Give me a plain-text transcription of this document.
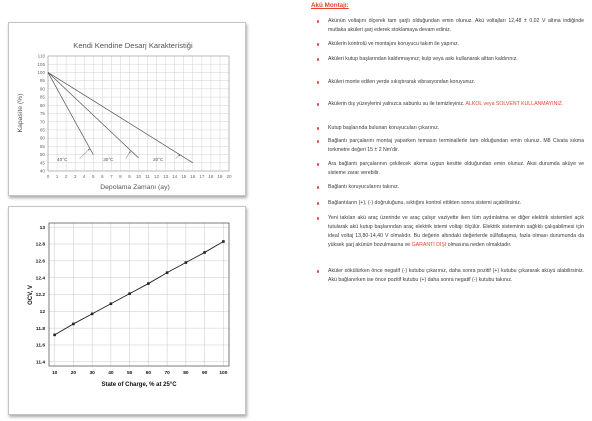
Kendi Kendine Desarj Karakteristiği
Kapasite (%)
Depolama Zamanı (ay)
0 1 2 3 4 5 6 7 8 9 10 11 12 13 14 15 16 17 18 19 20
40
45
50
55
60
65
70
75
80
85
90
95
100
105
110
40°C	30°C	20°C
OCV, V
State of Charge, % at 25°C
10	20	30	40	50	60	70	80	90	100
11.4
11.6
11.8
12
12.2
12.4
12.6
12.8
13
Akü Montajı:
Akünün voltajını ölçerek tam şarjlı olduğundan emin olunuz. Akü voltajları 12,48 ± 0,02 V altına indiğinde mutlaka aküleri şarj ederek stoklamaya devam ediniz.
Akülerin kontrolü ve montajını koruyucu takım ile yapınız.
Aküleri kutup başlarından kaldırmayınız; kulp veya askı kullanarak alttan kaldırınız.
Aküleri monte edilen yerde sıkıştırarak vibrasyondan koruyunuz.
Akülerin dış yüzeylerini yalnızca sabunlu su ile temizleyiniz. ALKOL veya SOLVENT KULLANMAYINIZ.
Kutup başlarında bulunan koruyucuları çıkarınız.
Bağlantı parçalarını montaj yaparken temasın terminallerle tam olduğundan emin olunuz. M8 Civata sıkma torkmetre değeri 15 ± 2 Nm'dir.
Ara bağlantı parçalarının çekilecek akıma uygun kesitte olduğundan emin olunuz. Aksi durumda aküye ve sisteme zarar verebilir.
Bağlantı koruyucularını takınız.
Bağlantıların (+), (-) doğruluğunu, sıktığını kontrol ettikten sonra sistemi açabilirsiniz.
Yeni takılan akü araç üzerinde ve araç çalışır vaziyette iken tüm aydınlatma ve diğer elektrik sistemleri açık tutularak akü kutup başlarından araç elektrik istemi voltajı ölçülür. Elektrik sisteminin sağlıklı çalışabilmesi için ideal voltaj 13,80-14,40 V olmalıdır. Bu değerin altındaki değerlerde sülfatlaşma, fazla olması durumunda da yüksek şarj akünün bozulmasına ve GARANTİ DIŞI olmasına neden olmaktadır.
Aküler sökülürken önce negatif (-) kutubu çıkarınız, daha sonra pozitif (+) kutubu çıkararak aküyü alabilirsiniz. Akü bağlanırken ise önce pozitif kutubu (+) daha sonra negatif (-) kutubu takınız.
